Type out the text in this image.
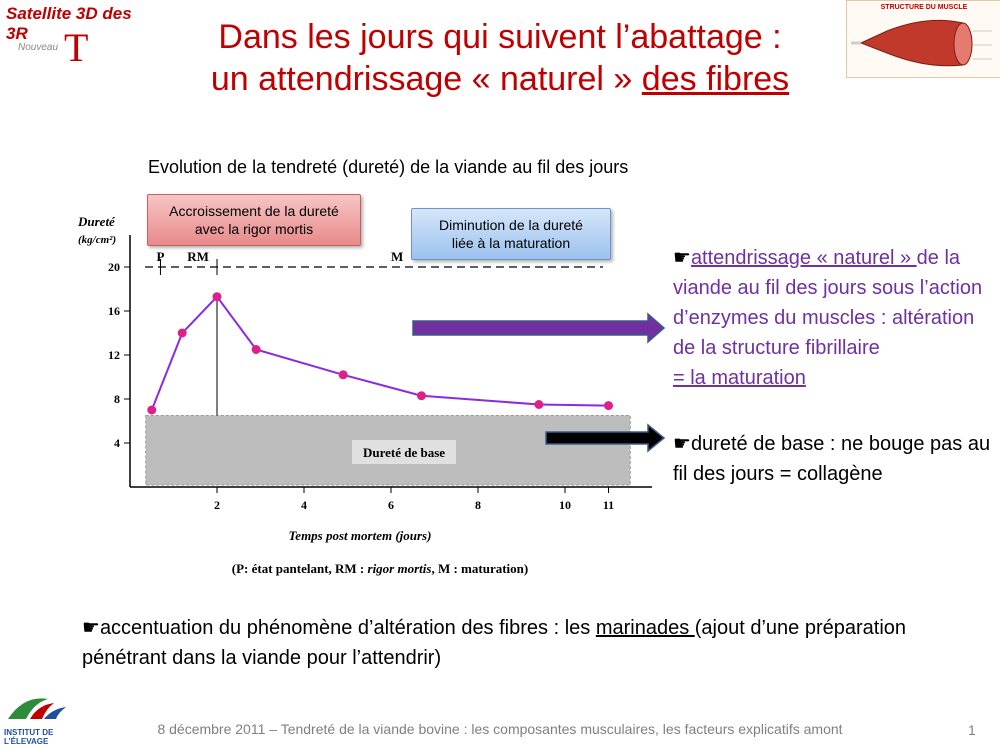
Satellite 3D des 3R T
Nouveau	Dans les jours qui suivent l’abattage :
un attendrissage « naturel » des fibres
STRUCTURE DU MUSCLE
Evolution de la tendreté (dureté) de la viande au fil des jours
Dureté de base
4
8
12
16
20
2	4	6	8	10	11
Dureté
(kg/cm²)
Temps post mortem (jours)
(P: état pantelant, RM : rigor mortis, M : maturation)
P RM	M
Accroissement de la dureté
avec la rigor mortis	Diminution de la dureté
liée à la maturation
☛attendrissage « naturel » de la viande au fil des jours sous l’action d’enzymes du muscles : altération de la structure fibrillaire
= la maturation
☛dureté de base : ne bouge pas au fil des jours = collagène
☛accentuation du phénomène d’altération des fibres : les marinades (ajout d’une préparation pénétrant dans la viande pour l’attendrir)
INSTITUT DE
L’ÉLEVAGE
8 décembre 2011 – Tendreté de la viande bovine : les composantes musculaires, les facteurs explicatifs amont	1
